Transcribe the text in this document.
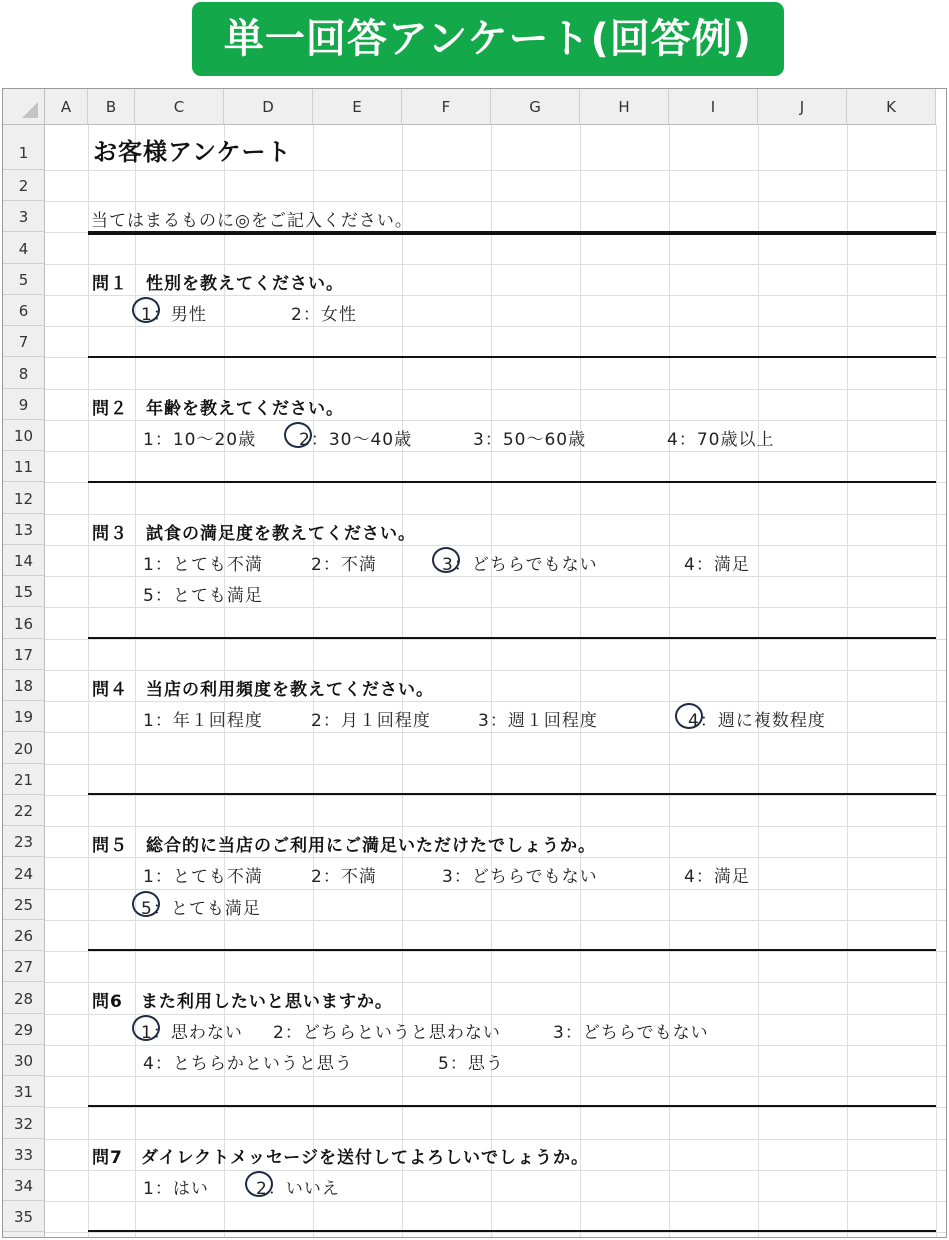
単一回答アンケート(回答例)
A	B	C	D	E	F	G	H	I	J	K
1
2
3
4
5
6
7
8
9
10
11
12
13
14
15
16
17
18
19
20
21
22
23
24
25
26
27
28
29
30
31
32
33
34
35
お客様アンケート
当てはまるものに◎をご記入ください。
問１　性別を教えてください。
1：男性	2：女性
問２　年齢を教えてください。
1：10〜20歳	2：30〜40歳	3：50〜60歳	4：70歳以上
問３　試食の満足度を教えてください。
1：とても不満	2：不満	3：どちらでもない	4：満足
5：とても満足
問４　当店の利用頻度を教えてください。
1：年１回程度	2：月１回程度	3：週１回程度	4：週に複数程度
問５　総合的に当店のご利用にご満足いただけたでしょうか。
1：とても不満	2：不満	3：どちらでもない	4：満足
5：とても満足
問6　また利用したいと思いますか。
1：思わない 2：どちらというと思わない	3：どちらでもない
4：とちらかというと思う	5：思う
問7　ダイレクトメッセージを送付してよろしいでしょうか。
1：はい	2：いいえ
